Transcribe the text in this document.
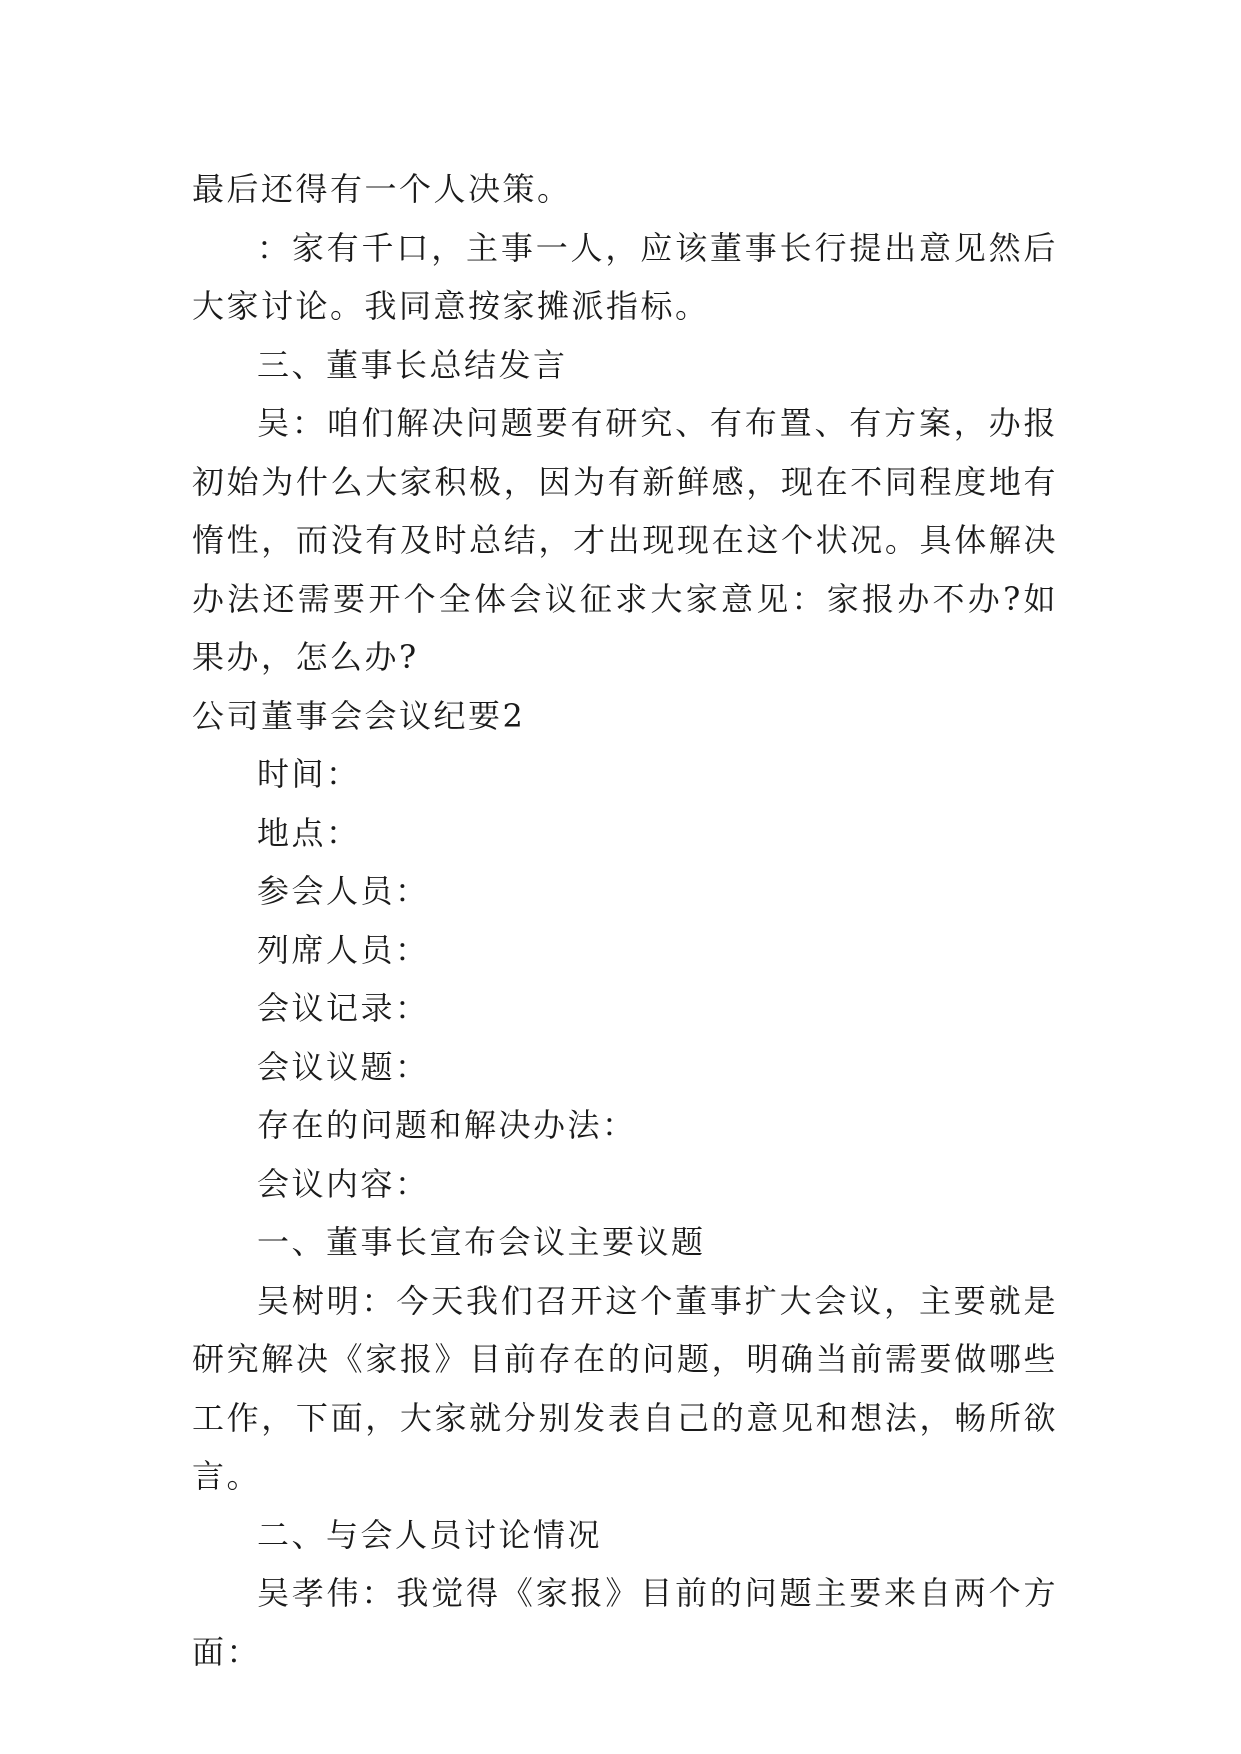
最后还得有一个人决策。

：家有千口，主事一人，应该董事长行提出意见然后大家讨论。我同意按家摊派指标。

三、董事长总结发言

吴：咱们解决问题要有研究、有布置、有方案，办报初始为什么大家积极，因为有新鲜感，现在不同程度地有惰性，而没有及时总结，才出现现在这个状况。具体解决办法还需要开个全体会议征求大家意见：家报办不办?如果办，怎么办?

公司董事会会议纪要2

时间：

地点：

参会人员：

列席人员：

会议记录：

会议议题：

存在的问题和解决办法：

会议内容：

一、董事长宣布会议主要议题

吴树明：今天我们召开这个董事扩大会议，主要就是研究解决《家报》目前存在的问题，明确当前需要做哪些工作，下面，大家就分别发表自己的意见和想法，畅所欲言。

二、与会人员讨论情况

吴孝伟：我觉得《家报》目前的问题主要来自两个方面：
